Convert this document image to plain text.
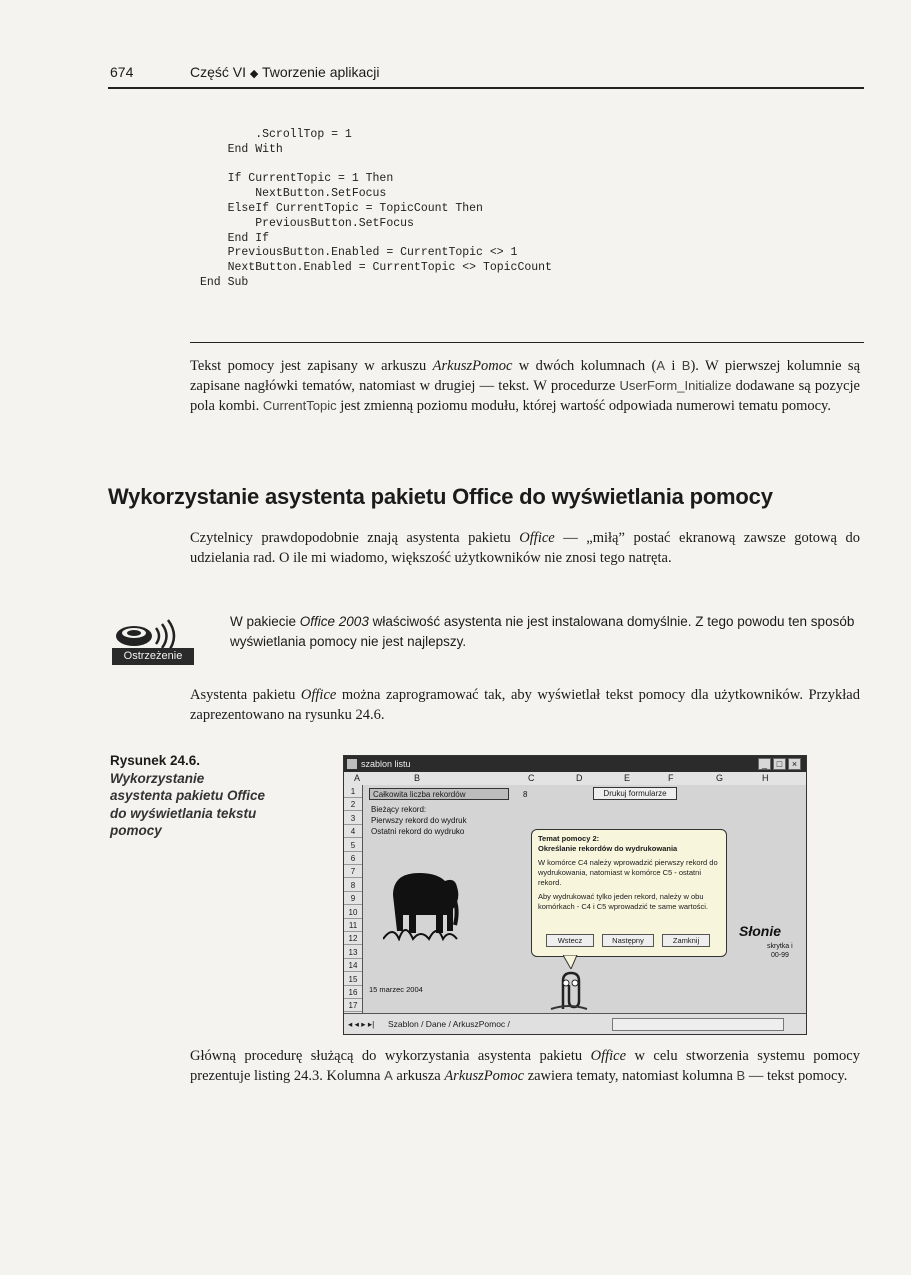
674	Część VI ◆ Tworzenie aplikacji
.ScrollTop = 1
End With
If CurrentTopic = 1 Then
NextButton.SetFocus
ElseIf CurrentTopic = TopicCount Then
PreviousButton.SetFocus
End If
PreviousButton.Enabled = CurrentTopic <> 1
NextButton.Enabled = CurrentTopic <> TopicCount
End Sub
Tekst pomocy jest zapisany w arkuszu ArkuszPomoc w dwóch kolumnach (A i B). W pierwszej kolumnie są zapisane nagłówki tematów, natomiast w drugiej — tekst. W procedurze UserForm_Initialize dodawane są pozycje pola kombi. CurrentTopic jest zmienną poziomu modułu, której wartość odpowiada numerowi tematu pomocy.
Wykorzystanie asystenta pakietu Office do wyświetlania pomocy
Czytelnicy prawdopodobnie znają asystenta pakietu Office — „miłą” postać ekranową zawsze gotową do udzielania rad. O ile mi wiadomo, większość użytkowników nie znosi tego natręta.
Ostrzeżenie
W pakiecie Office 2003 właściwość asystenta nie jest instalowana domyślnie. Z tego powodu ten sposób wyświetlania pomocy nie jest najlepszy.
Asystenta pakietu Office można zaprogramować tak, aby wyświetlał tekst pomocy dla użytkowników. Przykład zaprezentowano na rysunku 24.6.
Rysunek 24.6.
Wykorzystanie asystenta pakietu Office do wyświetlania tekstu pomocy
szablon listu	_	□	×
A	B	C	D	E	F	G	H
1
2
3
4
5
6
7
8
9
10
11
12
13
14
15
16
17
Całkowita liczba rekordów	8	Drukuj formularze
Bieżący rekord:
Pierwszy rekord do wydruk
Ostatni rekord do wydruko
Temat pomocy 2:
Określanie rekordów do wydrukowania
W komórce C4 należy wprowadzić pierwszy rekord do wydrukowania, natomiast w komórce C5 - ostatni rekord.
Aby wydrukować tylko jeden rekord, należy w obu komórkach - C4 i C5 wprowadzić te same wartości.
Wstecz	Następny	Zamknij
Słonie
skrytka i
00-99
15 marzec 2004
◂ ◂ ▸ ▸| Szablon / Dane / ArkuszPomoc /
Główną procedurę służącą do wykorzystania asystenta pakietu Office w celu stworzenia systemu pomocy prezentuje listing 24.3. Kolumna A arkusza ArkuszPomoc zawiera tematy, natomiast kolumna B — tekst pomocy.
